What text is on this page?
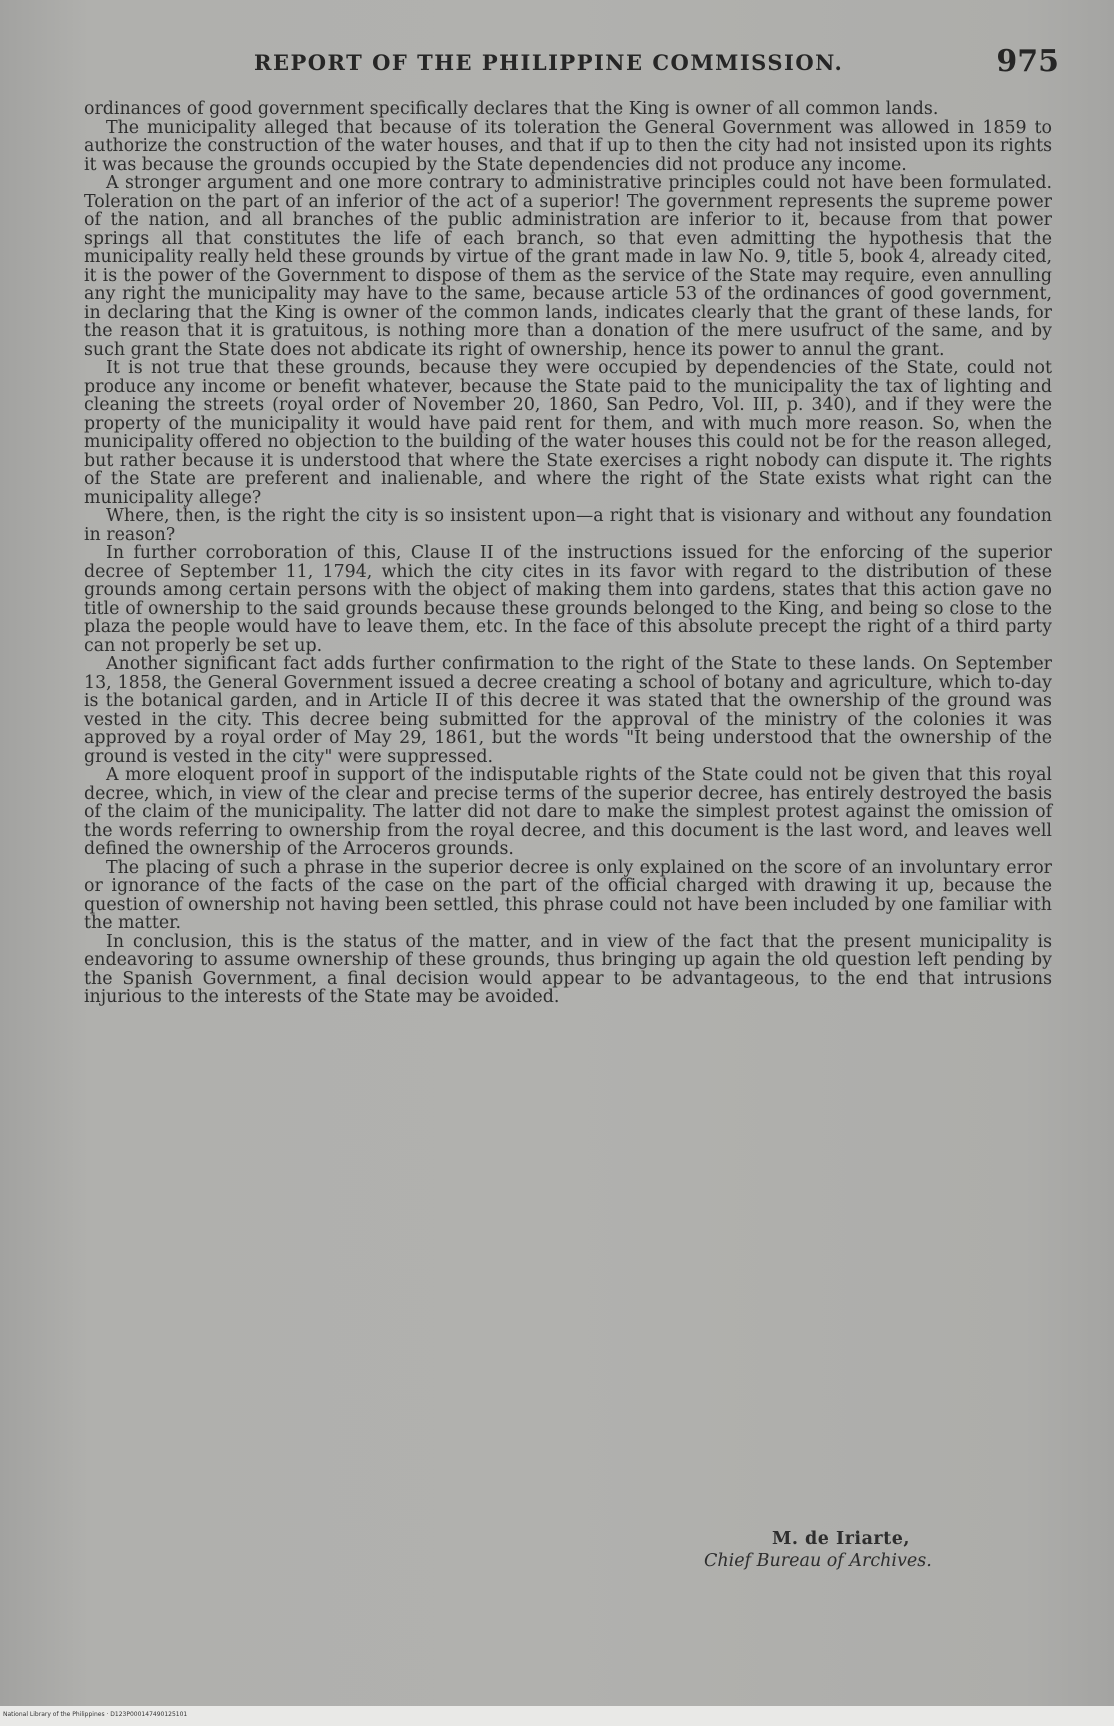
REPORT OF THE PHILIPPINE COMMISSION.	975

ordinances of good government specifically declares that the King is owner of all common lands.

The municipality alleged that because of its toleration the General Government was allowed in 1859 to authorize the construction of the water houses, and that if up to then the city had not insisted upon its rights it was because the grounds occupied by the State dependencies did not produce any income.

A stronger argument and one more contrary to administrative principles could not have been formulated. Toleration on the part of an inferior of the act of a superior! The government represents the supreme power of the nation, and all branches of the public administration are inferior to it, because from that power springs all that constitutes the life of each branch, so that even admitting the hypothesis that the municipality really held these grounds by virtue of the grant made in law No. 9, title 5, book 4, already cited, it is the power of the Government to dispose of them as the service of the State may require, even annulling any right the municipality may have to the same, because article 53 of the ordinances of good government, in declaring that the King is owner of the common lands, indicates clearly that the grant of these lands, for the reason that it is gratuitous, is nothing more than a donation of the mere usufruct of the same, and by such grant the State does not abdicate its right of ownership, hence its power to annul the grant.

It is not true that these grounds, because they were occupied by dependencies of the State, could not produce any income or benefit whatever, because the State paid to the municipality the tax of lighting and cleaning the streets (royal order of November 20, 1860, San Pedro, Vol. III, p. 340), and if they were the property of the municipality it would have paid rent for them, and with much more reason. So, when the municipality offered no objection to the building of the water houses this could not be for the reason alleged, but rather because it is understood that where the State exercises a right nobody can dispute it. The rights of the State are preferent and inalienable, and where the right of the State exists what right can the municipality allege?

Where, then, is the right the city is so insistent upon—a right that is visionary and without any foundation in reason?

In further corroboration of this, Clause II of the instructions issued for the enforcing of the superior decree of September 11, 1794, which the city cites in its favor with regard to the distribution of these grounds among certain persons with the object of making them into gardens, states that this action gave no title of ownership to the said grounds because these grounds belonged to the King, and being so close to the plaza the people would have to leave them, etc. In the face of this absolute precept the right of a third party can not properly be set up.

Another significant fact adds further confirmation to the right of the State to these lands. On September 13, 1858, the General Government issued a decree creating a school of botany and agriculture, which to-day is the botanical garden, and in Article II of this decree it was stated that the ownership of the ground was vested in the city. This decree being submitted for the approval of the ministry of the colonies it was approved by a royal order of May 29, 1861, but the words "It being understood that the ownership of the ground is vested in the city" were suppressed.

A more eloquent proof in support of the indisputable rights of the State could not be given that this royal decree, which, in view of the clear and precise terms of the superior decree, has entirely destroyed the basis of the claim of the municipality. The latter did not dare to make the simplest protest against the omission of the words referring to ownership from the royal decree, and this document is the last word, and leaves well defined the ownership of the Arroceros grounds.

The placing of such a phrase in the superior decree is only explained on the score of an involuntary error or ignorance of the facts of the case on the part of the official charged with drawing it up, because the question of ownership not having been settled, this phrase could not have been included by one familiar with the matter.

In conclusion, this is the status of the matter, and in view of the fact that the present municipality is endeavoring to assume ownership of these grounds, thus bringing up again the old question left pending by the Spanish Government, a final decision would appear to be advantageous, to the end that intrusions injurious to the interests of the State may be avoided.

M. de Iriarte,
Chief Bureau of Archives.
National Library of the Philippines · D123P000147490125101
